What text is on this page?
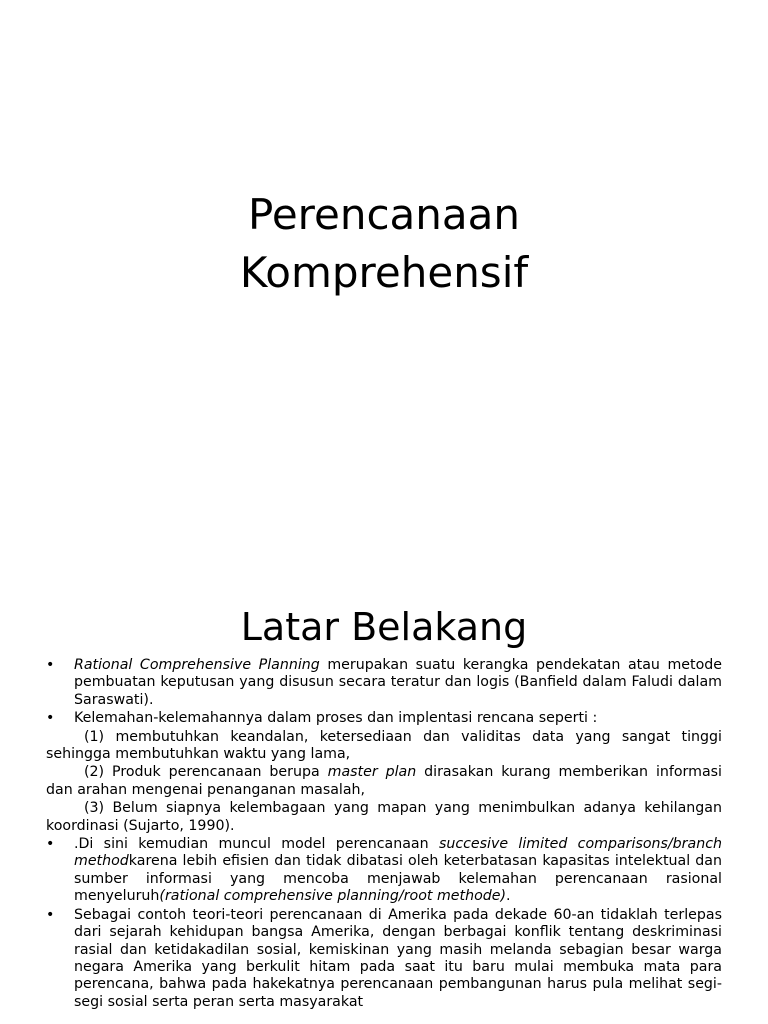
Perencanaan
Komprehensif
Latar Belakang
• Rational Comprehensive Planning merupakan suatu kerangka pendekatan atau metode pembuatan keputusan yang disusun secara teratur dan logis (Banfield dalam Faludi dalam Saraswati).
• Kelemahan-kelemahannya dalam proses dan implentasi rencana seperti :
(1) membutuhkan keandalan, ketersediaan dan validitas data yang sangat tinggi sehingga membutuhkan waktu yang lama,
(2) Produk perencanaan berupa master plan dirasakan kurang memberikan informasi dan arahan mengenai penanganan masalah,
(3) Belum siapnya kelembagaan yang mapan yang menimbulkan adanya kehilangan koordinasi (Sujarto, 1990).
• .Di sini kemudian muncul model perencanaan succesive limited comparisons/branch methodkarena lebih efisien dan tidak dibatasi oleh keterbatasan kapasitas intelektual dan sumber informasi yang mencoba menjawab kelemahan perencanaan rasional menyeluruh(rational comprehensive planning/root methode).
• Sebagai contoh teori-teori perencanaan di Amerika pada dekade 60-an tidaklah terlepas dari sejarah kehidupan bangsa Amerika, dengan berbagai konflik tentang deskriminasi rasial dan ketidakadilan sosial, kemiskinan yang masih melanda sebagian besar warga negara Amerika yang berkulit hitam pada saat itu baru mulai membuka mata para perencana, bahwa pada hakekatnya perencanaan pembangunan harus pula melihat segi-segi sosial serta peran serta masyarakat
